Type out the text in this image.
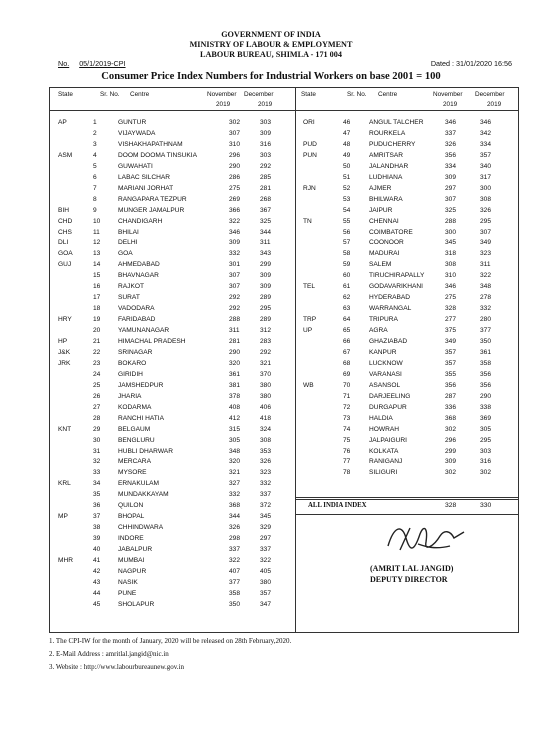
GOVERNMENT OF INDIA
MINISTRY OF LABOUR & EMPLOYMENT
LABOUR BUREAU, SHIMLA - 171 004
No. 05/1/2019-CPI	Dated : 31/01/2020 16:56
Consumer Price Index Numbers for Industrial Workers on base 2001 = 100
State	Sr. No. Centre	November December
2019	2019
State	Sr. No. Centre	November December
2019	2019
AP	1	GUNTUR	302	303
2	VIJAYWADA	307	309
3	VISHAKHAPATHNAM	310	316
ASM	4	DOOM DOOMA TINSUKIA	296	303
5	GUWAHATI	290	292
6	LABAC SILCHAR	286	285
7	MARIANI JORHAT	275	281
8	RANGAPARA TEZPUR	269	268
BIH	9	MUNGER JAMALPUR	366	367
CHD	10	CHANDIGARH	322	325
CHS	11	BHILAI	346	344
DLI	12	DELHI	309	311
GOA	13	GOA	332	343
GUJ	14	AHMEDABAD	301	299
15	BHAVNAGAR	307	309
16	RAJKOT	307	309
17	SURAT	292	289
18	VADODARA	292	295
HRY	19	FARIDABAD	288	289
20	YAMUNANAGAR	311	312
HP	21	HIMACHAL PRADESH	281	283
J&K	22	SRINAGAR	290	292
JRK	23	BOKARO	320	321
24	GIRIDIH	361	370
25	JAMSHEDPUR	381	380
26	JHARIA	378	380
27	KODARMA	408	406
28	RANCHI HATIA	412	418
KNT	29	BELGAUM	315	324
30	BENGLURU	305	308
31	HUBLI DHARWAR	348	353
32	MERCARA	320	326
33	MYSORE	321	323
KRL	34	ERNAKULAM	327	332
35	MUNDAKKAYAM	332	337
36	QUILON	368	372
MP	37	BHOPAL	344	345
38	CHHINDWARA	326	329
39	INDORE	298	297
40	JABALPUR	337	337
MHR	41	MUMBAI	322	322
42	NAGPUR	407	405
43	NASIK	377	380
44	PUNE	358	357
45	SHOLAPUR	350	347
ORI	46	ANGUL TALCHER	346	346
47	ROURKELA	337	342
PUD	48	PUDUCHERRY	326	334
PUN	49	AMRITSAR	356	357
50	JALANDHAR	334	340
51	LUDHIANA	309	317
RJN	52	AJMER	297	300
53	BHILWARA	307	308
54	JAIPUR	325	326
TN	55	CHENNAI	288	295
56	COIMBATORE	300	307
57	COONOOR	345	349
58	MADURAI	318	323
59	SALEM	308	311
60	TIRUCHIRAPALLY	310	322
TEL	61	GODAVARIKHANI	346	348
62	HYDERABAD	275	278
63	WARRANGAL	328	332
TRP	64	TRIPURA	277	280
UP	65	AGRA	375	377
66	GHAZIABAD	349	350
67	KANPUR	357	361
68	LUCKNOW	357	358
69	VARANASI	355	356
WB	70	ASANSOL	356	356
71	DARJEELING	287	290
72	DURGAPUR	336	338
73	HALDIA	368	369
74	HOWRAH	302	305
75	JALPAIGURI	296	295
76	KOLKATA	299	303
77	RANIGANJ	309	316
78	SILIGURI	302	302
ALL INDIA INDEX	328	330
(AMRIT LAL JANGID)
DEPUTY DIRECTOR
1. The CPI-IW for the month of January, 2020 will be released on 28th February,2020.
2. E-Mail Address : amritlal.jangid@nic.in
3. Website : http://www.labourbureaunew.gov.in
